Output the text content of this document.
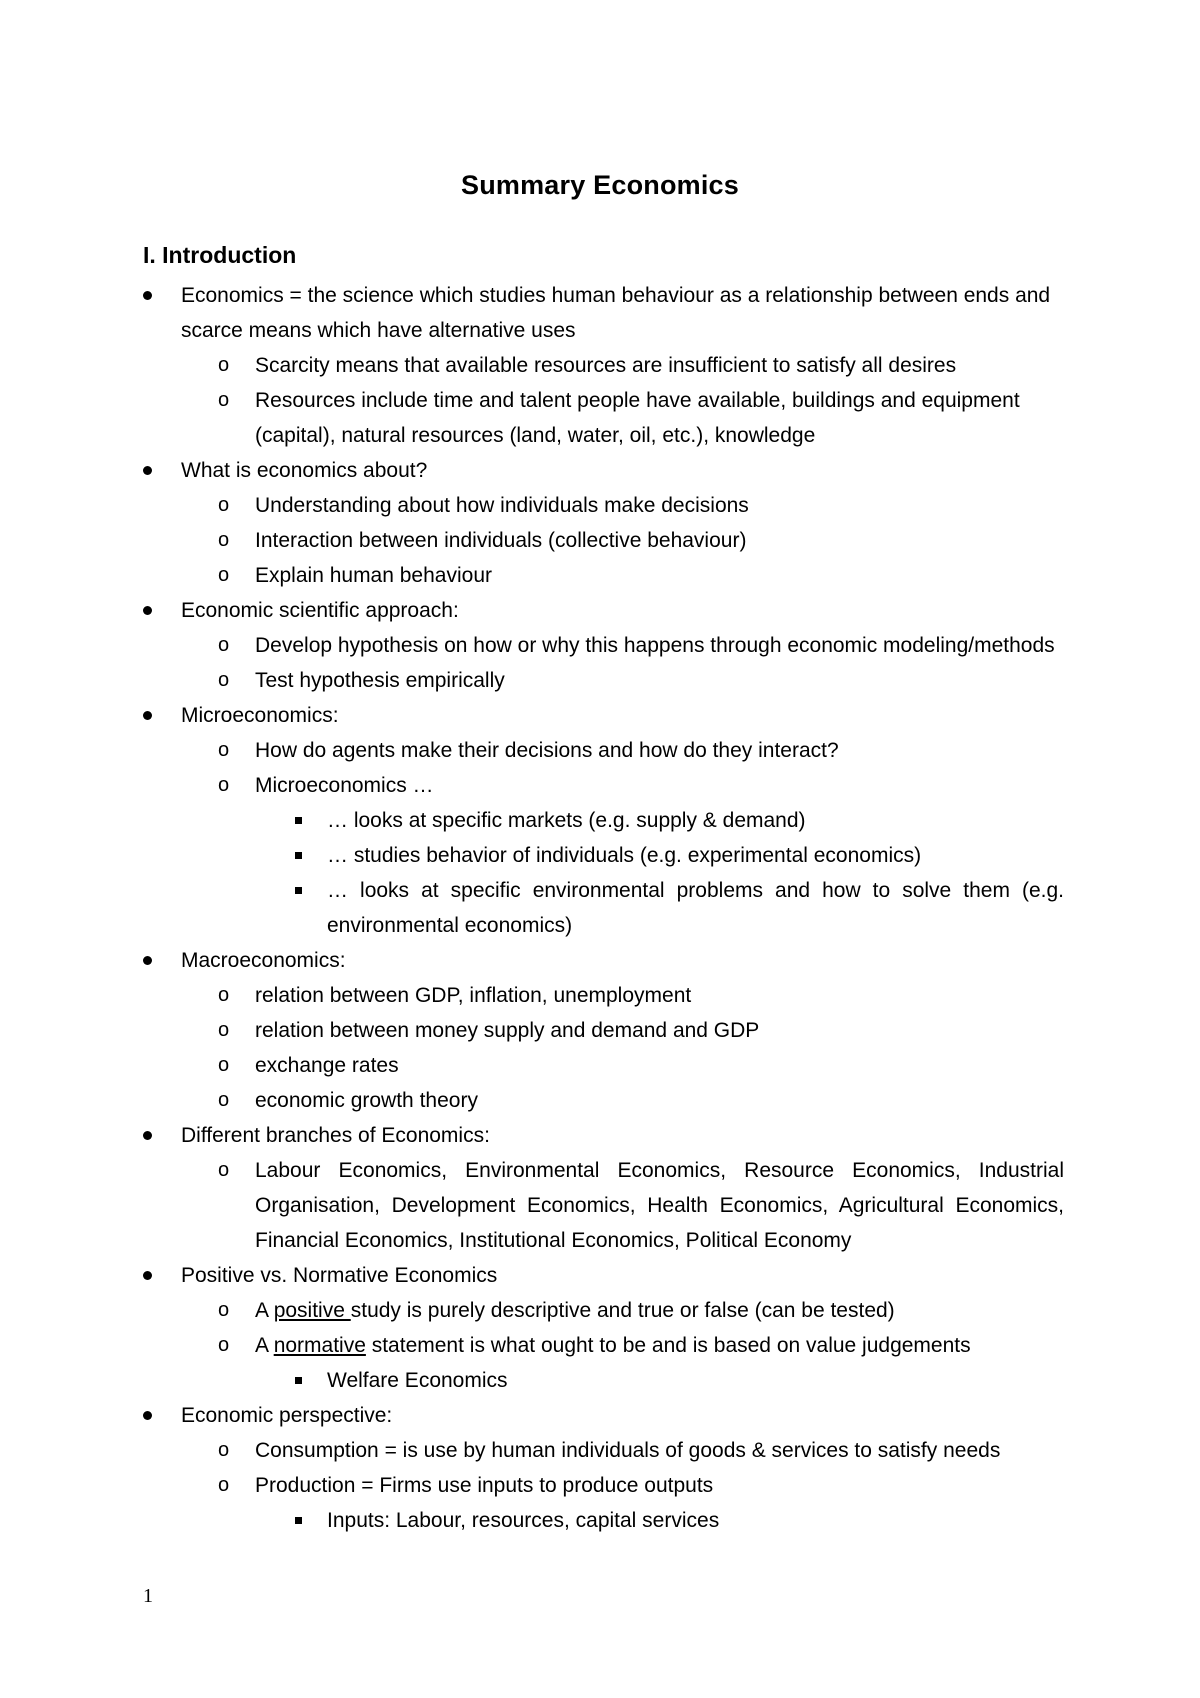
Summary Economics
I. Introduction
Economics = the science which studies human behaviour as a relationship between ends and scarce means which have alternative uses
o Scarcity means that available resources are insufficient to satisfy all desires
o Resources include time and talent people have available, buildings and equipment (capital), natural resources (land, water, oil, etc.), knowledge
What is economics about?
o Understanding about how individuals make decisions
o Interaction between individuals (collective behaviour)
o Explain human behaviour
Economic scientific approach:
o Develop hypothesis on how or why this happens through economic modeling/methods
o Test hypothesis empirically
Microeconomics:
o How do agents make their decisions and how do they interact?
o Microeconomics …
… looks at specific markets (e.g. supply & demand)
… studies behavior of individuals (e.g. experimental economics)
… looks at specific environmental problems and how to solve them (e.g. environmental economics)
Macroeconomics:
o relation between GDP, inflation, unemployment
o relation between money supply and demand and GDP
o exchange rates
o economic growth theory
Different branches of Economics:
o Labour Economics, Environmental Economics, Resource Economics, Industrial Organisation, Development Economics, Health Economics, Agricultural Economics, Financial Economics, Institutional Economics, Political Economy
Positive vs. Normative Economics
o A positive study is purely descriptive and true or false (can be tested)
o A normative statement is what ought to be and is based on value judgements
Welfare Economics
Economic perspective:
o Consumption = is use by human individuals of goods & services to satisfy needs
o Production = Firms use inputs to produce outputs
Inputs: Labour, resources, capital services
1
